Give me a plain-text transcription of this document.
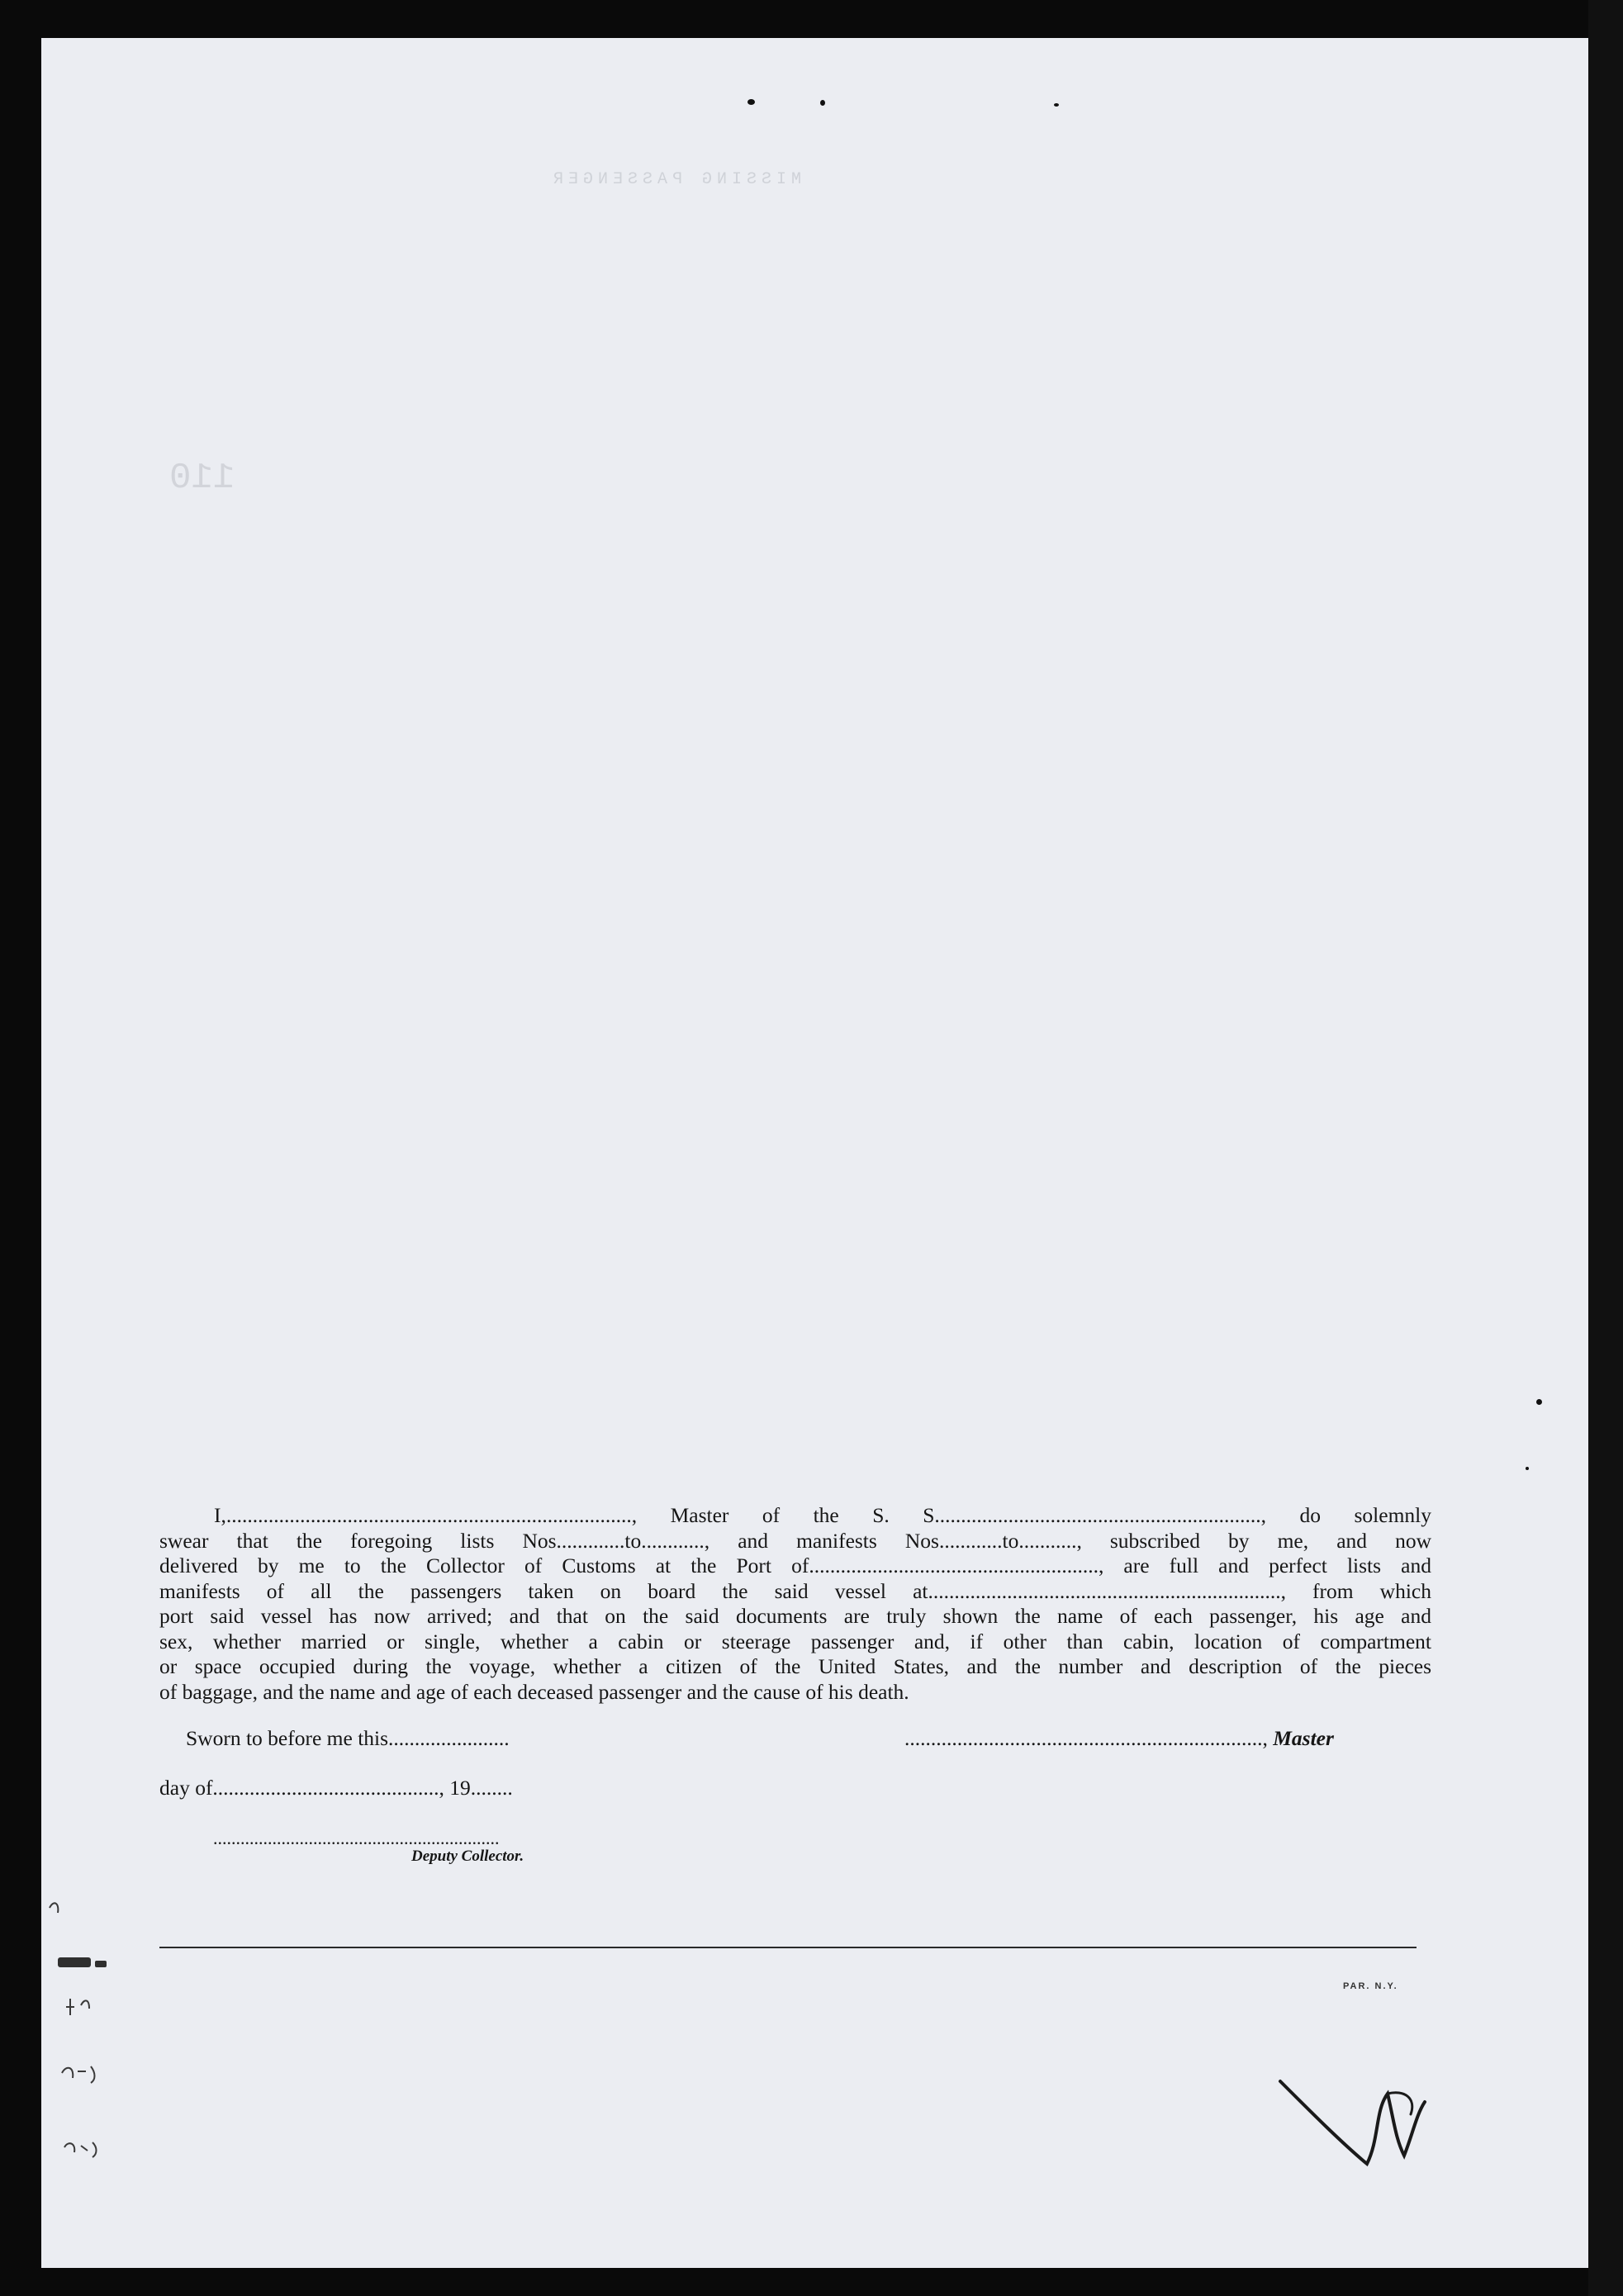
MISSING PASSENGER
110
I,............................................................................., Master of the S. S.............................................................., do solemnly
swear that the foregoing lists Nos.............to............, and manifests Nos............to..........., subscribed by me, and now
delivered by me to the Collector of Customs at the Port of......................................................., are full and perfect lists and
manifests of all the passengers taken on board the said vessel at..................................................................., from which
port said vessel has now arrived; and that on the said documents are truly shown the name of each passenger, his age and
sex, whether married or single, whether a cabin or steerage passenger and, if other than cabin, location of compartment
or space occupied during the voyage, whether a citizen of the United States, and the number and description of the pieces
of baggage, and the name and age of each deceased passenger and the cause of his death.
Sworn to before me this.......................	...................................................................., Master
day of..........................................., 19........
...............................................................
Deputy Collector.
PAR. N.Y.
